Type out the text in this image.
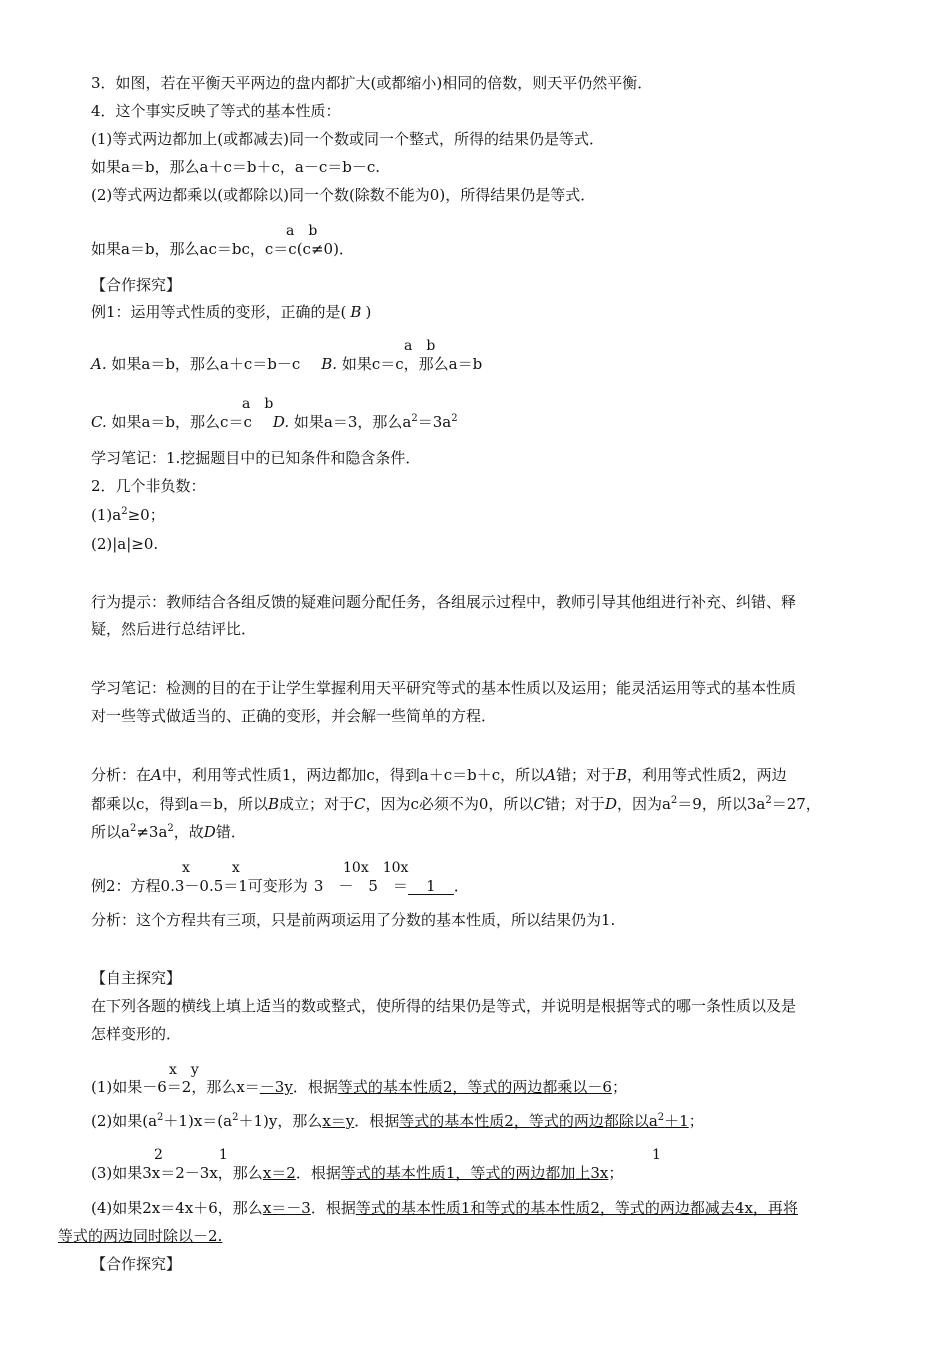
3．如图，若在平衡天平两边的盘内都扩大(或都缩小)相同的倍数，则天平仍然平衡．
4．这个事实反映了等式的基本性质：
(1)等式两边都加上(或都减去)同一个数或同一个整式，所得的结果仍是等式．
如果a＝b，那么a＋c＝b＋c，a－c＝b－c.
(2)等式两边都乘以(或都除以)同一个数(除数不能为0)，所得结果仍是等式．
a　b
如果a＝b，那么ac＝bc，c＝c(c≠0)．
【合作探究】
例1：运用等式性质的变形，正确的是( B )
a　b
A. 如果a＝b，那么a＋c＝b－c　B. 如果c＝c，那么a＝b
a　b
C. 如果a＝b，那么c＝c　D. 如果a＝3，那么$a^2=3a^2$
学习笔记：1.挖掘题目中的已知条件和隐含条件．
2．几个非负数：
$(1)a^2\ge 0$；
(2)|a|≥0.
行为提示：教师结合各组反馈的疑难问题分配任务，各组展示过程中，教师引导其他组进行补充、纠错、释
疑，然后进行总结评比．
学习笔记：检测的目的在于让学生掌握利用天平研究等式的基本性质以及运用；能灵活运用等式的基本性质
对一些等式做适当的、正确的变形，并会解一些简单的方程．
分析：在A中，利用等式性质1，两边都加c，得到a＋c＝b＋c，所以A错；对于B，利用等式性质2，两边
都乘以c，得到a＝b，所以B成立；对于C，因为c必须不为0，所以C错；对于D，因为$a^2=9$，所以$3a^2=27$，
所以$a^2\ne 3a^2$，故D错．
x　　　x	10x　10x
例2：方程0.3－0.5＝1可变形为 3　－　5　＝ 1 ．
分析：这个方程共有三项，只是前两项运用了分数的基本性质，所以结果仍为1.
【自主探究】
在下列各题的横线上填上适当的数或整式，使所得的结果仍是等式，并说明是根据等式的哪一条性质以及是
怎样变形的．
x　y
(1)如果－6＝2，那么x＝－3y．根据等式的基本性质2，等式的两边都乘以－6；
(2)如果$(a^2+1)x=(a^2+1)y$，那么x＝y．根据等式的基本性质2，等式的两边都除以$a^2+1$；
2　　　　1	1
(3)如果3x＝2－3x，那么x＝2．根据等式的基本性质1，等式的两边都加上3x；
(4)如果2x＝4x＋6，那么x＝－3．根据等式的基本性质1和等式的基本性质2，等式的两边都减去4x，再将
等式的两边同时除以－2.
【合作探究】
